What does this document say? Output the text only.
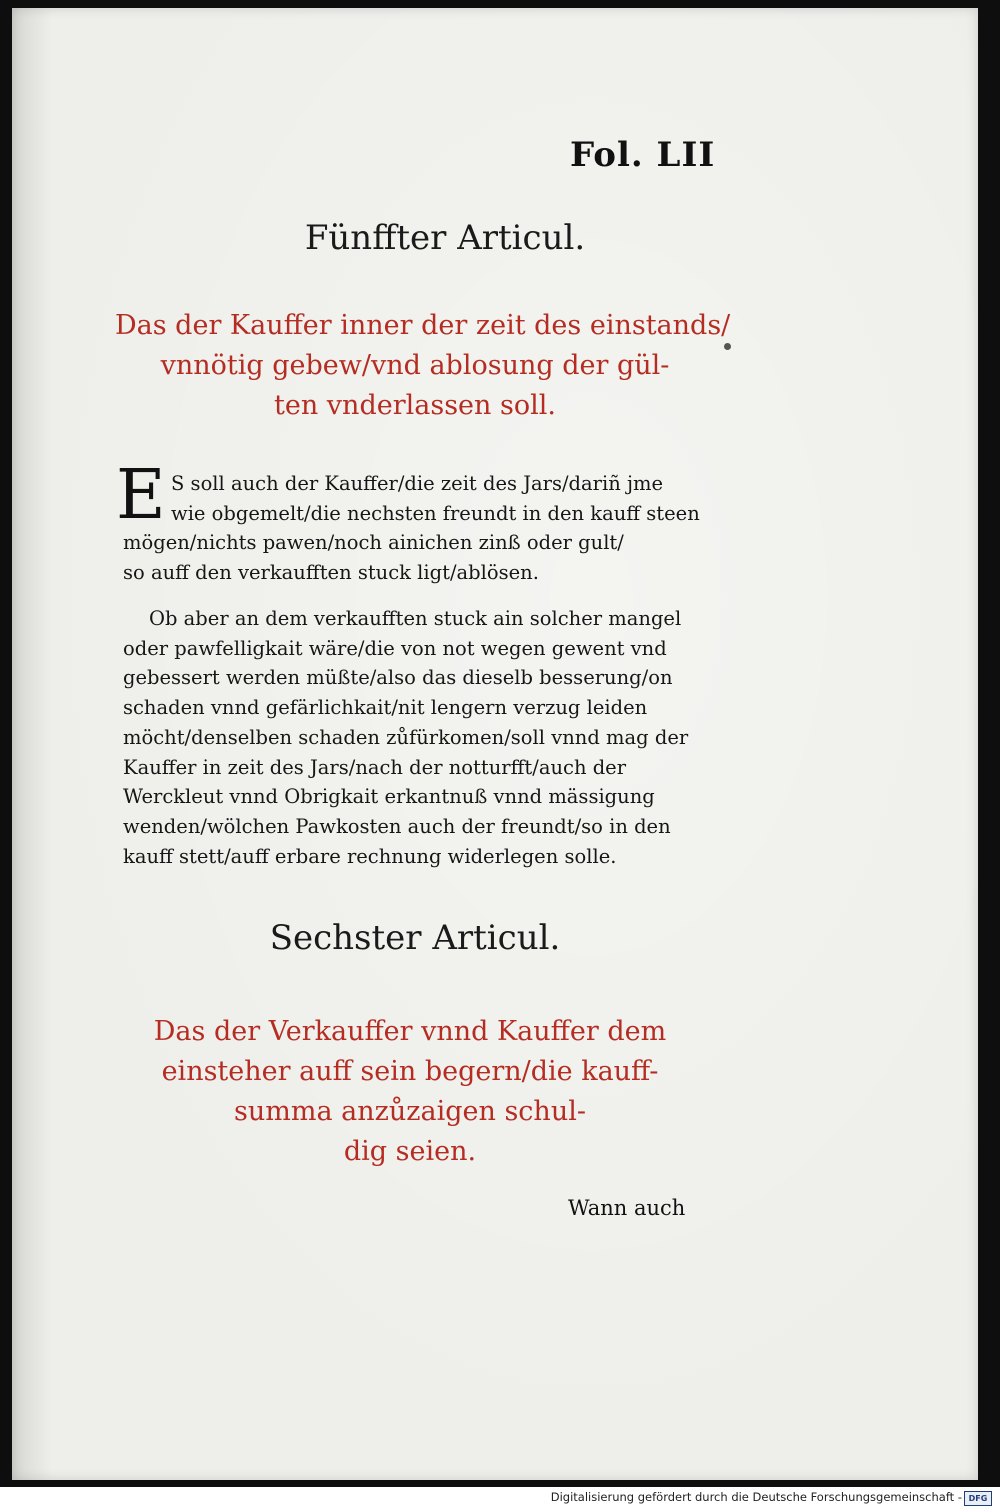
Fol. LII
Fünffter Articul.
Das der Kauffer inner der zeit des einstands/
vnnötig gebew/vnd ablosung der gül-
ten vnderlassen soll.
E S soll auch der Kauffer/die zeit des Jars/dariñ jme
wie obgemelt/die nechsten freundt in den kauff steen
mögen/nichts pawen/noch ainichen zinß oder gult/
so auff den verkaufften stuck ligt/ablösen.
Ob aber an dem verkaufften stuck ain solcher mangel
oder pawfelligkait wäre/die von not wegen gewent vnd
gebessert werden müßte/also das dieselb besserung/on
schaden vnnd gefärlichkait/nit lengern verzug leiden
möcht/denselben schaden zůfürkomen/soll vnnd mag der
Kauffer in zeit des Jars/nach der notturfft/auch der
Werckleut vnnd Obrigkait erkantnuß vnnd mässigung
wenden/wölchen Pawkosten auch der freundt/so in den
kauff stett/auff erbare rechnung widerlegen solle.
Sechster Articul.
Das der Verkauffer vnnd Kauffer dem
einsteher auff sein begern/die kauff-
summa anzůzaigen schul-
dig seien.
Wann auch
Digitalisierung gefördert durch die Deutsche Forschungsgemeinschaft - DFG
